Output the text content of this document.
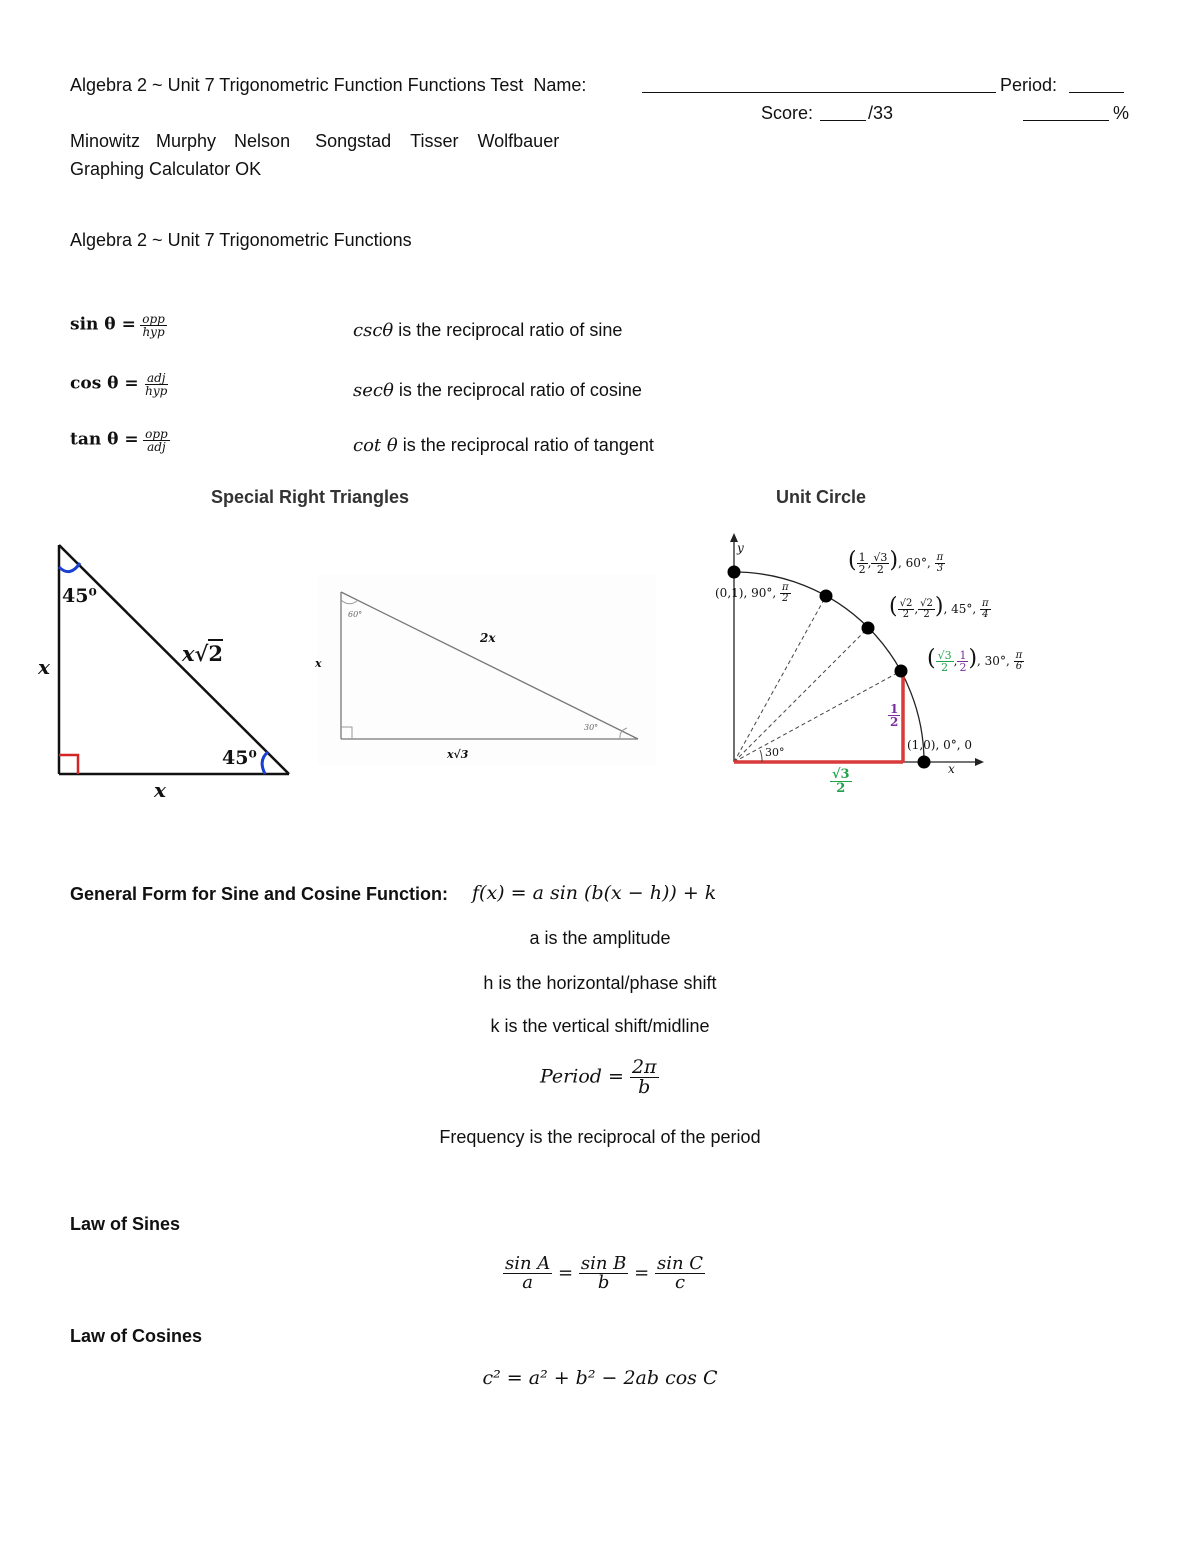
Algebra 2 ~ Unit 7 Trigonometric Function Functions Test Name:	Period:
Score:	/33	%
Minowitz Murphy Nelson Songstad Tisser Wolfbauer
Graphing Calculator OK
Algebra 2 ~ Unit 7 Trigonometric Functions
$\sin \theta = \frac{\text{opp}}{\text{hyp}}$	cscθ is the reciprocal ratio of sine
$\cos \theta = \frac{\text{adj}}{\text{hyp}}$	secθ is the reciprocal ratio of cosine
$\tan \theta = \frac{\text{opp}}{\text{adj}}$	cot θ is the reciprocal ratio of tangent
Special Right Triangles	Unit Circle
45⁰
45⁰
x
x
x√2
60°
30°
x
x√3
2x
y
x
(0,1), 90°, $\frac{\pi}{2}$
( $\frac{1}{2}$ , $\frac{√3}{2}$ ), 60°, $\frac{\pi}{3}$
( $\frac{√2}{2}$ , $\frac{√2}{2}$ ), 45°, $\frac{\pi}{4}$
( $\frac{√3}{2}$ , $\frac{1}{2}$ ), 30°, $\frac{\pi}{6}$
(1,0), 0°, 0
30°
$\frac{1}{2}$
$\frac{√3}{2}$
General Form for Sine and Cosine Function: f(x) = a sin (b(x − h)) + k
a is the amplitude
h is the horizontal/phase shift
k is the vertical shift/midline
Period = $\frac{2\pi}{b}$
Frequency is the reciprocal of the period
Law of Sines
$\frac{\text{sin A}}{a} = \frac{\text{sin B}}{b} = \frac{\text{sin C}}{c}$
Law of Cosines
c² = a² + b² − 2ab cos C
